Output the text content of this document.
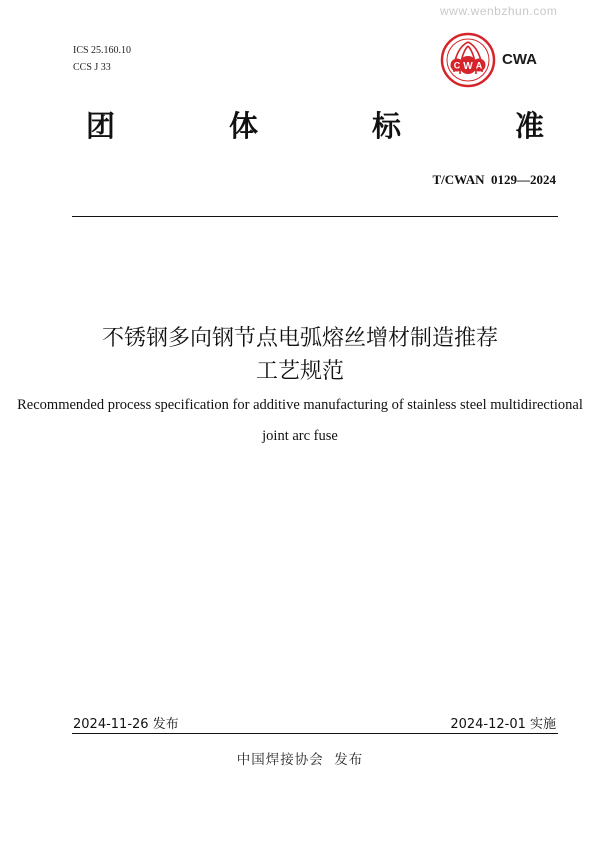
www.wenbzhun.com
ICS 25.160.10
CCS J 33	C W A CWA
团	体	标	准
T/CWAN  0129—2024
不锈钢多向钢节点电弧熔丝增材制造推荐
工艺规范
Recommended process specification for additive manufacturing of stainless steel multidirectional
joint arc fuse
2024-11-26 发布	2024-12-01 实施
中国焊接协会  发布
